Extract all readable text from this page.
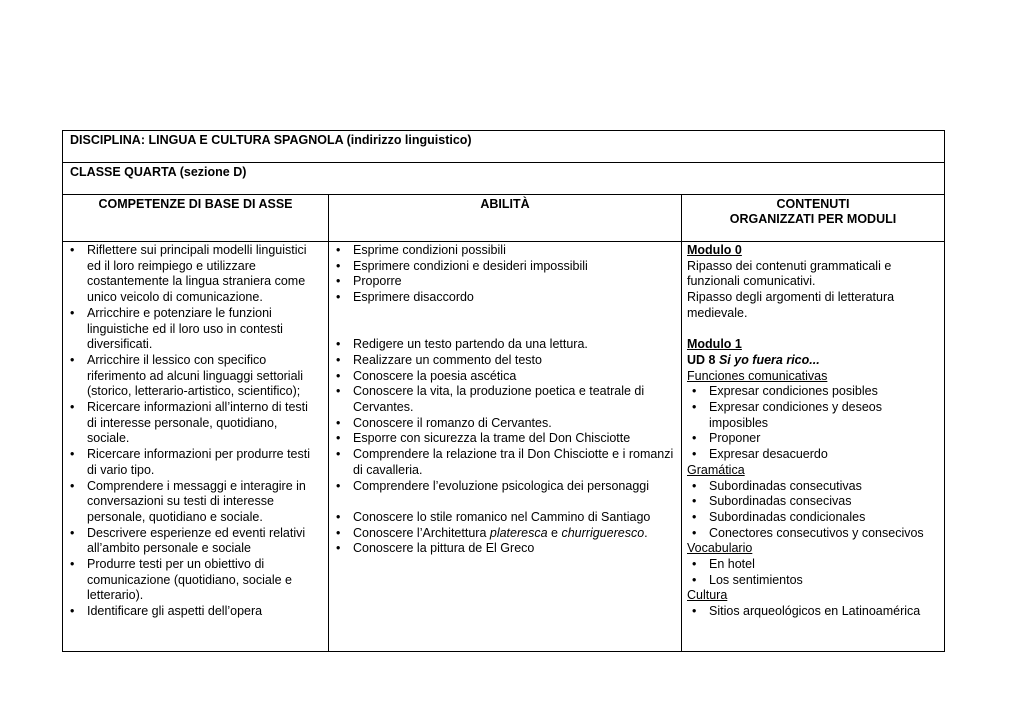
DISCIPLINA: LINGUA E CULTURA SPAGNOLA (indirizzo linguistico)
CLASSE QUARTA (sezione D)
COMPETENZE DI BASE DI ASSE	ABILITÀ	CONTENUTI
ORGANIZZATI PER MODULI
• Riflettere sui principali modelli linguistici ed il loro reimpiego e utilizzare costantemente la lingua straniera come unico veicolo di comunicazione.
• Arricchire e potenziare le funzioni linguistiche ed il loro uso in contesti diversificati.
• Arricchire il lessico con specifico riferimento ad alcuni linguaggi settoriali (storico, letterario-artistico, scientifico);
• Ricercare informazioni all’interno di testi di interesse personale, quotidiano, sociale.
• Ricercare informazioni per produrre testi di vario tipo.
• Comprendere i messaggi e interagire in conversazioni su testi di interesse personale, quotidiano e sociale.
• Descrivere esperienze ed eventi relativi all’ambito personale e sociale
• Produrre testi per un obiettivo di comunicazione (quotidiano, sociale e letterario).
• Identificare gli aspetti dell’opera
• Esprime condizioni possibili
• Esprimere condizioni e desideri impossibili
• Proporre
• Esprimere disaccordo
• Redigere un testo partendo da una lettura.
• Realizzare un commento del testo
• Conoscere la poesia ascética
• Conoscere la vita, la produzione poetica e teatrale di Cervantes.
• Conoscere il romanzo di Cervantes.
• Esporre con sicurezza la trame del Don Chisciotte
• Comprendere la relazione tra il Don Chisciotte e i romanzi di cavalleria.
• Comprendere l’evoluzione psicologica dei personaggi
• Conoscere lo stile romanico nel Cammino di Santiago
• Conoscere l’Architettura plateresca e churrigueresco.
• Conoscere la pittura de El Greco
Modulo 0
Ripasso dei contenuti grammaticali e funzionali comunicativi.
Ripasso degli argomenti di letteratura medievale.
Modulo 1
UD 8 Si yo fuera rico...
Funciones comunicativas
• Expresar condiciones posibles
• Expresar condiciones y deseos imposibles
• Proponer
• Expresar desacuerdo
Gramática
• Subordinadas consecutivas
• Subordinadas consecivas
• Subordinadas condicionales
• Conectores consecutivos y consecivos
Vocabulario
• En hotel
• Los sentimientos
Cultura
• Sitios arqueológicos en Latinoamérica
